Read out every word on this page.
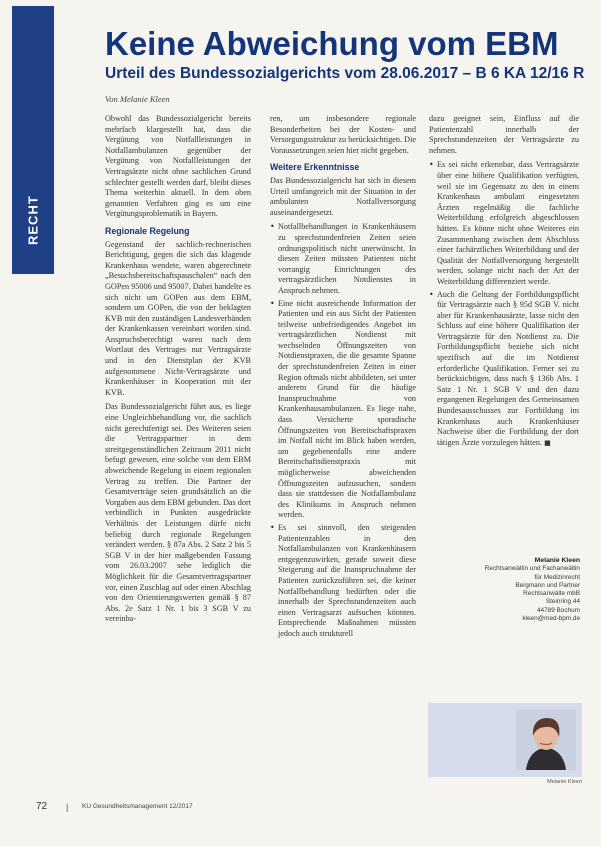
RECHT
Keine Abweichung vom EBM
Urteil des Bundessozialgerichts vom 28.06.2017 – B 6 KA 12/16 R
Von Melanie Kleen

Obwohl das Bundessozialgericht bereits mehrfach klargestellt hat, dass die Vergütung von Notfallleistungen in Notfallambulanzen gegenüber der Vergütung von Notfallleistungen der Vertragsärzte nicht ohne sachlichen Grund schlechter gestellt werden darf, bleibt dieses Thema weiterhin aktuell. In dem oben genannten Verfahren ging es um eine Vergütungsproblematik in Bayern.

Regionale Regelung

Gegenstand der sachlich-rechnerischen Berichtigung, gegen die sich das klagende Krankenhaus wendete, waren abgerechnete „Besuchsbereitschaftspauschalen“ nach den GOPen 95006 und 95007. Dabei handelte es sich nicht um GOPen aus dem EBM, sondern um GOPen, die von der beklagten KVB mit den zuständigen Landesverbänden der Krankenkassen vereinbart worden sind. Anspruchsberechtigt waren nach dem Wortlaut des Vertrages nur Vertragsärzte und in den Dienstplan der KVB aufgenommene Nicht-Vertragsärzte und Krankenhäuser in Kooperation mit der KVB.

Das Bundessozialgericht führt aus, es liege eine Ungleichbehandlung vor, die sachlich nicht gerechtfertigt sei. Des Weiteren seien die Vertragspartner in dem streitgegenständlichen Zeitraum 2011 nicht befugt gewesen, eine solche von dem EBM abweichende Regelung in einem regionalen Vertrag zu treffen. Die Partner der Gesamtverträge seien grundsätzlich an die Vorgaben aus dem EBM gebunden. Das dort verbindlich in Punkten ausgedrückte Verhältnis der Leistungen dürfe nicht beliebig durch regionale Regelungen verändert werden. § 87a Abs. 2 Satz 2 bis 5 SGB V in der hier maßgebenden Fassung vom 26.03.2007 sehe lediglich die Möglichkeit für die Gesamtvertragspartner vor, einen Zuschlag auf oder einen Abschlag von den Orientierungswerten gemäß § 87 Abs. 2e Satz 1 Nr. 1 bis 3 SGB V zu vereinba-

ren, um insbesondere regionale Besonderheiten bei der Kosten- und Versorgungsstruktur zu berücksichtigen. Die Voraussetzungen seien hier nicht gegeben.

Weitere Erkenntnisse

Das Bundessozialgericht hat sich in diesem Urteil umfangreich mit der Situation in der ambulanten Notfallversorgung auseinandergesetzt.

• Notfallbehandlungen in Krankenhäusern zu sprechstundenfreien Zeiten seien ordnungspolitisch nicht unerwünscht. In diesen Zeiten müssten Patienten nicht vorrangig Einrichtungen des vertragsärztlichen Notdienstes in Anspruch nehmen.
• Eine nicht ausreichende Information der Patienten und ein aus Sicht der Patienten teilweise unbefriedigendes Angebot im vertragsärztlichen Notdienst mit wechselnden Öffnungszeiten von Notdienstpraxen, die die gesamte Spanne der sprechstundenfreien Zeiten in einer Region oftmals nicht abbildeten, sei unter anderem Grund für die häufige Inanspruchnahme von Krankenhausambulanzen. Es liege nahe, dass Versicherte sporadische Öffnungszeiten von Bereitschaftspraxen im Notfall nicht im Blick haben werden, um gegebenenfalls eine andere Bereitschaftsdienstpraxis mit möglicherweise abweichenden Öffnungszeiten aufzusuchen, sondern dass sie stattdessen die Notfallambulanz des Klinikums in Anspruch nehmen werden.
• Es sei sinnvoll, den steigenden Patientenzahlen in den Notfallambulanzen von Krankenhäusern entgegenzuwirken, gerade soweit diese Steigerung auf die Inanspruchnahme der Patienten zurückzuführen sei, die keiner Notfallbehandlung bedürften oder die innerhalb der Sprechstundenzeiten auch einen Vertragsarzt aufsuchen könnten. Entsprechende Maßnahmen müssten jedoch auch strukturell

dazu geeignet sein, Einfluss auf die Patientenzahl innerhalb der Sprechstundenzeiten der Vertragsärzte zu nehmen.

• Es sei nicht erkennbar, dass Vertragsärzte über eine höhere Qualifikation verfügten, weil sie im Gegensatz zu den in einem Krankenhaus ambulant eingesetzten Ärzten regelmäßig die fachliche Weiterbildung erfolgreich abgeschlossen hätten. Es könne nicht ohne Weiteres ein Zusammenhang zwischen dem Abschluss einer fachärztlichen Weiterbildung und der Qualität der Notfallversorgung hergestellt werden, solange nicht nach der Art der Weiterbildung differenziert werde.
• Auch die Geltung der Fortbildungspflicht für Vertragsärzte nach § 95d SGB V. nicht aber für Krankenhausärzte, lasse nicht den Schluss auf eine höhere Qualifikation der Vertragsärzte für den Notdienst zu. Die Fortbildungspflicht beziehe sich nicht spezifisch auf die im Notdienst erforderliche Qualifikation. Ferner sei zu berücksichtigen, dass nach § 136b Abs. 1 Satz 1 Nr. 1 SGB V und den dazu ergangenen Regelungen des Gemeinsamen Bundesausschusses zur Fortbildung im Krankenhaus auch Krankenhäuser Nachweise über die Fortbildung der dort tätigen Ärzte vorzulegen hätten. ■
Melanie Kleen
Rechtsanwältin und Fachanwältin
für Medizinrecht
Bergmann und Partner
Rechtsanwälte mbB
Steinring 44
44789 Bochum
kleen@med-bpm.de
Melanie Kleen
72 | KU Gesundheitsmanagement 12/2017
